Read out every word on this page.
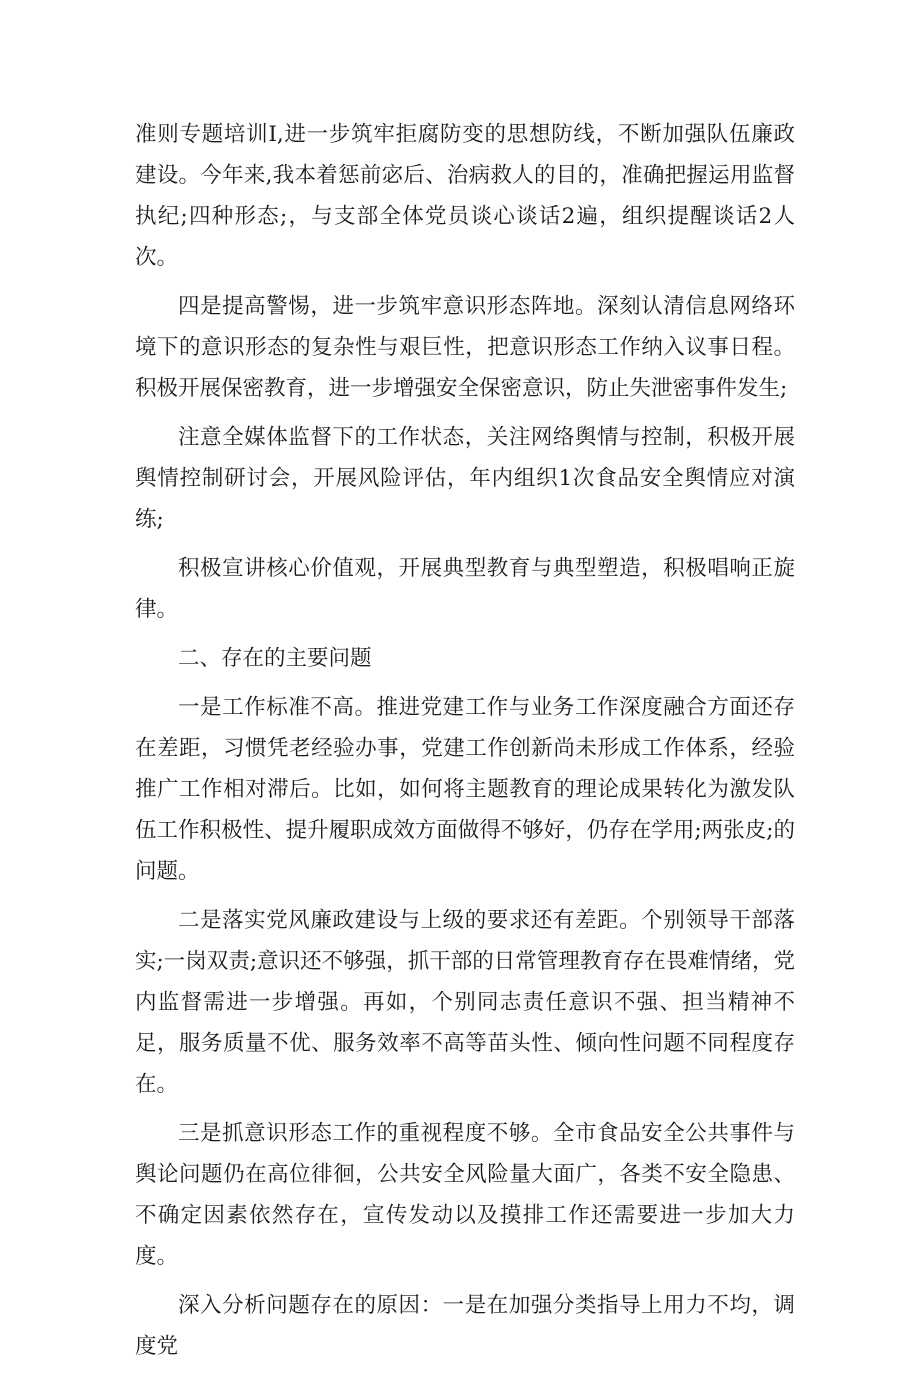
准则专题培训I,进一步筑牢拒腐防变的思想防线，不断加强队伍廉政建设。今年来,我本着惩前宓后、治病救人的目的，准确把握运用监督执纪;四种形态;，与支部全体党员谈心谈话2遍，组织提醒谈话2人次。

四是提高警惕，进一步筑牢意识形态阵地。深刻认清信息网络环境下的意识形态的复杂性与艰巨性，把意识形态工作纳入议事日程。积极开展保密教育，进一步增强安全保密意识，防止失泄密事件发生;

注意全媒体监督下的工作状态，关注网络舆情与控制，积极开展舆情控制研讨会，开展风险评估，年内组织1次食品安全舆情应对演练;

积极宣讲核心价值观，开展典型教育与典型塑造，积极唱响正旋律。

二、存在的主要问题

一是工作标准不高。推进党建工作与业务工作深度融合方面还存在差距，习惯凭老经验办事，党建工作创新尚未形成工作体系，经验推广工作相对滞后。比如，如何将主题教育的理论成果转化为激发队伍工作积极性、提升履职成效方面做得不够好，仍存在学用;两张皮;的问题。

二是落实党风廉政建设与上级的要求还有差距。个别领导干部落实;一岗双责;意识还不够强，抓干部的日常管理教育存在畏难情绪，党内监督需进一步增强。再如，个别同志责任意识不强、担当精神不足，服务质量不优、服务效率不高等苗头性、倾向性问题不同程度存在。

三是抓意识形态工作的重视程度不够。全市食品安全公共事件与舆论问题仍在高位徘徊，公共安全风险量大面广，各类不安全隐患、不确定因素依然存在，宣传发动以及摸排工作还需要进一步加大力度。

深入分析问题存在的原因：一是在加强分类指导上用力不均，调度党
